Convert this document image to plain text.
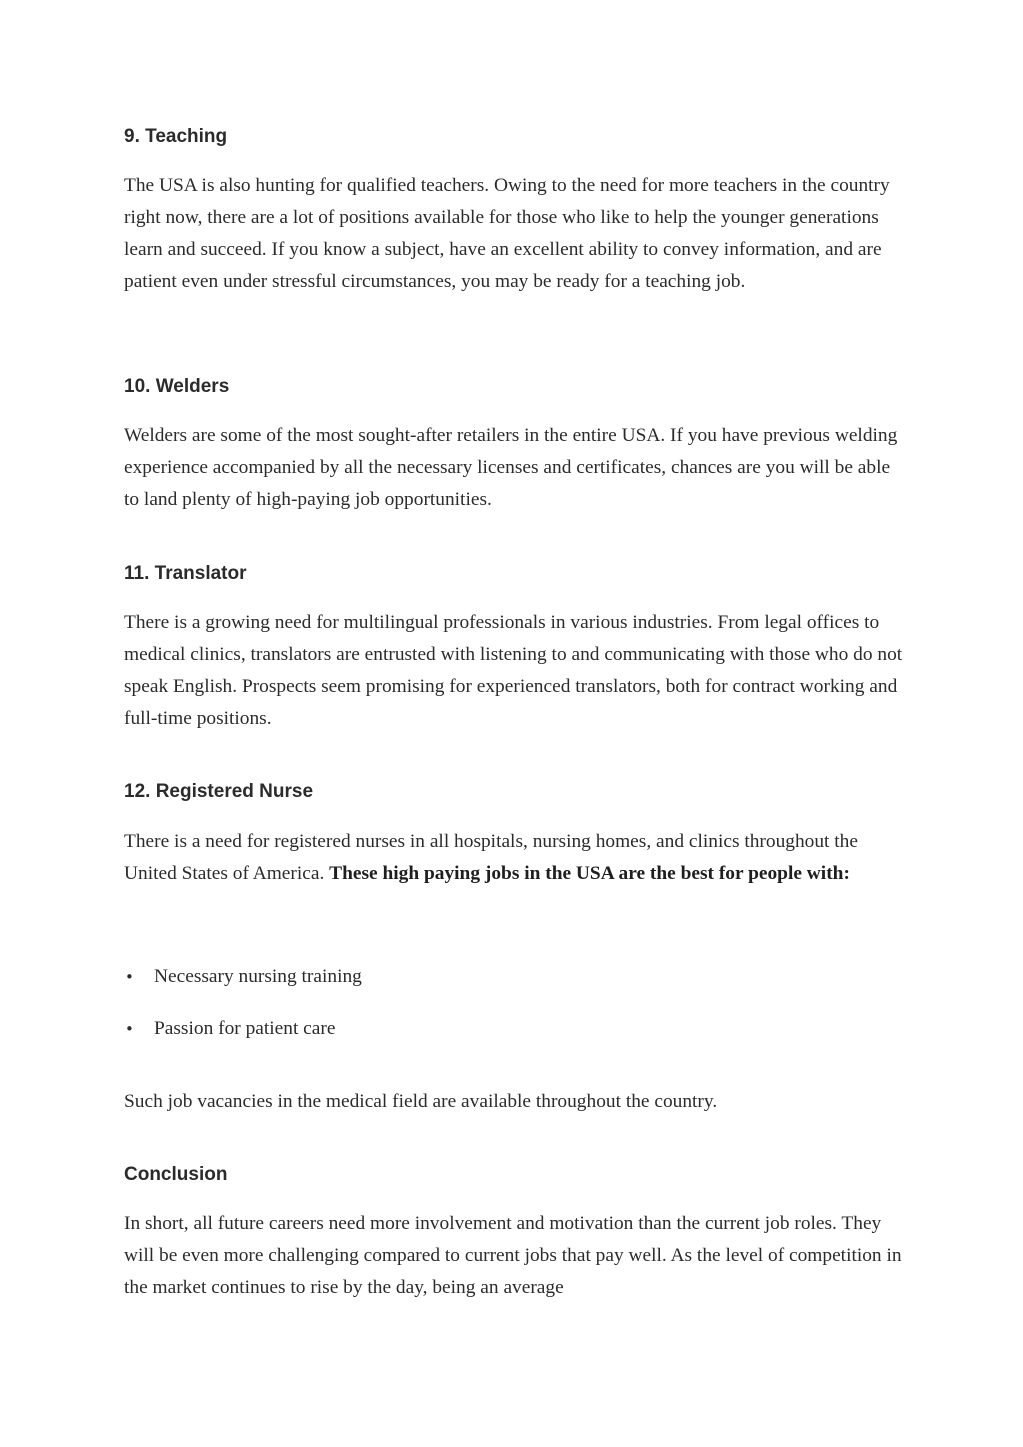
9. Teaching
The USA is also hunting for qualified teachers. Owing to the need for more teachers in the country right now, there are a lot of positions available for those who like to help the younger generations learn and succeed. If you know a subject, have an excellent ability to convey information, and are patient even under stressful circumstances, you may be ready for a teaching job.
10. Welders
Welders are some of the most sought-after retailers in the entire USA. If you have previous welding experience accompanied by all the necessary licenses and certificates, chances are you will be able to land plenty of high-paying job opportunities.
11. Translator
There is a growing need for multilingual professionals in various industries. From legal offices to medical clinics, translators are entrusted with listening to and communicating with those who do not speak English. Prospects seem promising for experienced translators, both for contract working and full-time positions.
12. Registered Nurse
There is a need for registered nurses in all hospitals, nursing homes, and clinics throughout the United States of America. These high paying jobs in the USA are the best for people with:
• Necessary nursing training
• Passion for patient care
Such job vacancies in the medical field are available throughout the country.
Conclusion
In short, all future careers need more involvement and motivation than the current job roles. They will be even more challenging compared to current jobs that pay well. As the level of competition in the market continues to rise by the day, being an average
